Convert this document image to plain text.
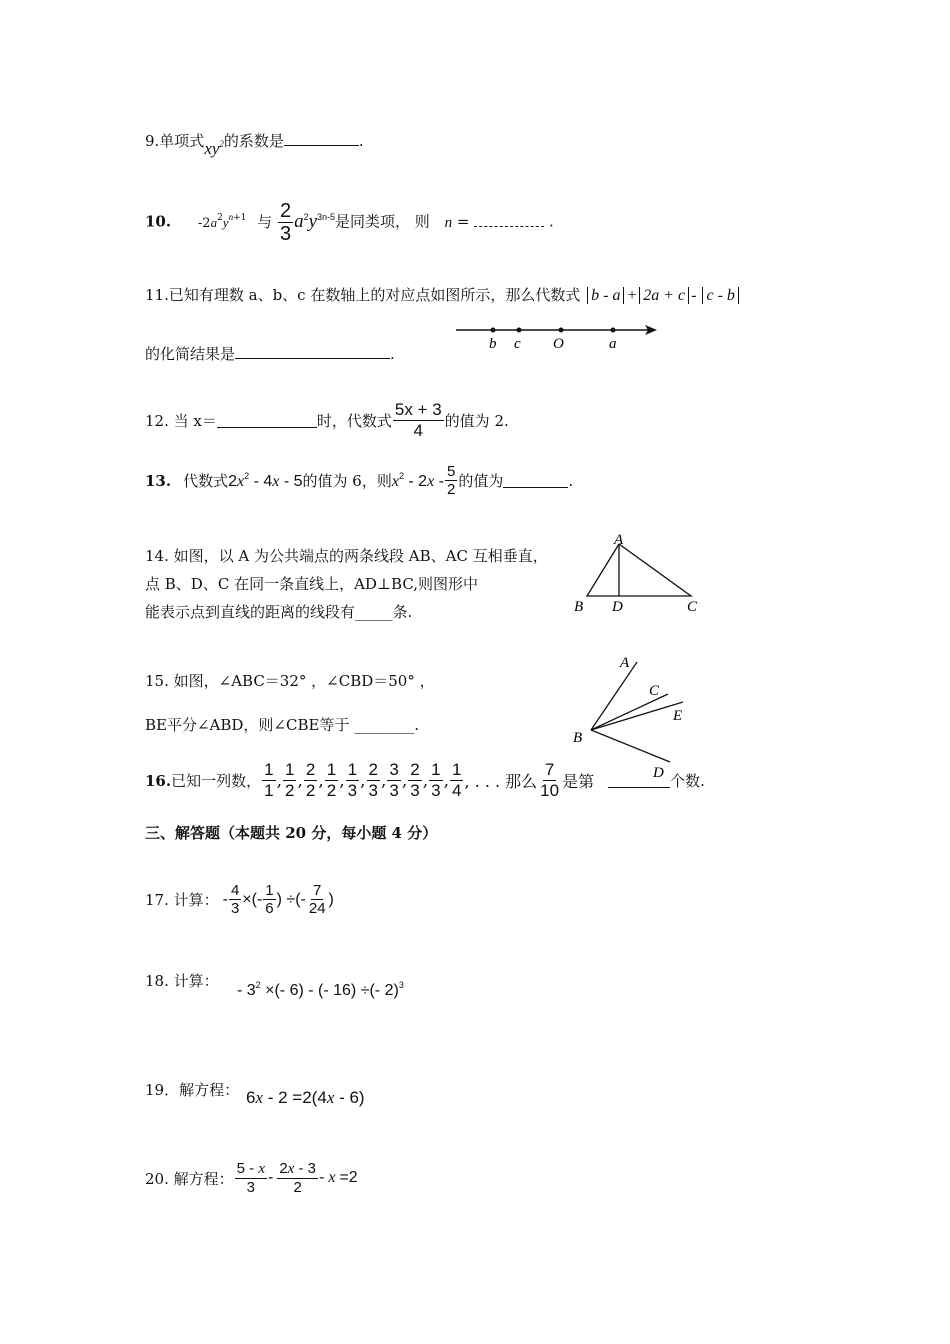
9.单项式$xy^2$的系数是	.
10. $-2a^2y^{n+1}$ 与 $\frac{2}{3} a^2y^{3n-5}$是同类项， 则 n =	.
11.已知有理数 a、b、c 在数轴上的对应点如图所示，那么代数式 b - a + 2a + c - c - b
的化简结果是	.
b c O	a
12. 当 x＝	时，代数式 $\frac{5x + 3}{4}$ 的值为 2.
13. 代数式 $2x^2 - 4x - 5$ 的值为 6，则 $x^2 - 2x - \frac{5}{2}$ 的值为	.
14. 如图，以 A 为公共端点的两条线段 AB、AC 互相垂直，
点 B、D、C 在同一条直线上，AD⊥BC,则图形中
能表示点到直线的距离的线段有_____条.
A
B D	C
15. 如图，∠ABC＝32° ，∠CBD＝50° ，
BE平分∠ABD，则∠CBE等于 ________.
A
C
E
B
D
16. 已知一列数， $\frac{1}{1}$ , $\frac{1}{2}$ , $\frac{2}{2}$ , $\frac{1}{2}$ , $\frac{1}{3}$ , $\frac{2}{3}$ , $\frac{3}{3}$ , $\frac{2}{3}$ , $\frac{1}{3}$ , $\frac{1}{4}$ , . . . 那么 $\frac{7}{10}$ 是第	个数.
三、解答题（本题共 20 分，每小题 4 分）
17. 计算： - $\frac{4}{3}$ ×(- $\frac{1}{6}$ ) ÷(- $\frac{7}{24}$ )
18. 计算：
- $3^2$ ×(- 6) - (- 16) ÷(- 2)$^3$
19．解方程： 6x - 2 =2(4x - 6)
20. 解方程： $\frac{5 - x}{3} - \frac{2x - 3}{2} - x =2$
